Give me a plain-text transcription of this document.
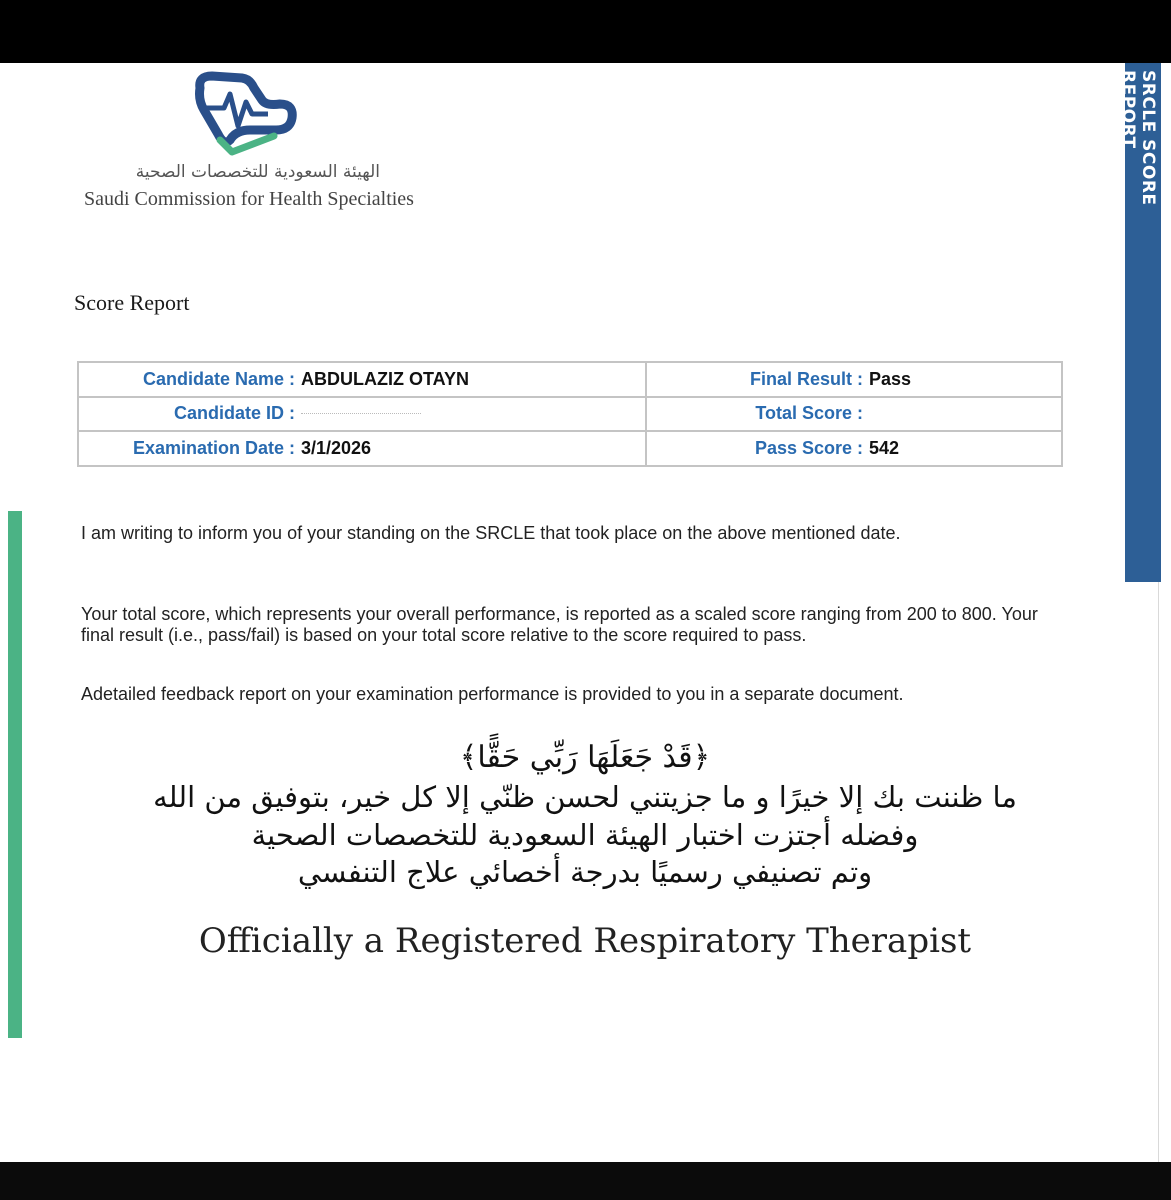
SRCLE SCORE REPORT
الهيئة السعودية للتخصصات الصحية
Saudi Commission for Health Specialties
Score Report
Candidate Name : ABDULAZIZ OTAYN	Final Result : Pass

Candidate ID :	Total Score :

Examination Date : 3/1/2026	Pass Score : 542
I am writing to inform you of your standing on the SRCLE that took place on the above mentioned date.
Your total score, which represents your overall performance, is reported as a scaled score ranging from 200 to 800. Your final result (i.e., pass/fail) is based on your total score relative to the score required to pass.
Adetailed feedback report on your examination performance is provided to you in a separate document.
﴿قَدْ جَعَلَهَا رَبِّي حَقًّا﴾
ما ظننت بك إلا خيرًا و ما جزيتني لحسن ظنّي إلا كل خير، بتوفيق من الله
وفضله أجتزت اختبار الهيئة السعودية للتخصصات الصحية
وتم تصنيفي رسميًا بدرجة أخصائي علاج التنفسي
Officially a Registered Respiratory Therapist
